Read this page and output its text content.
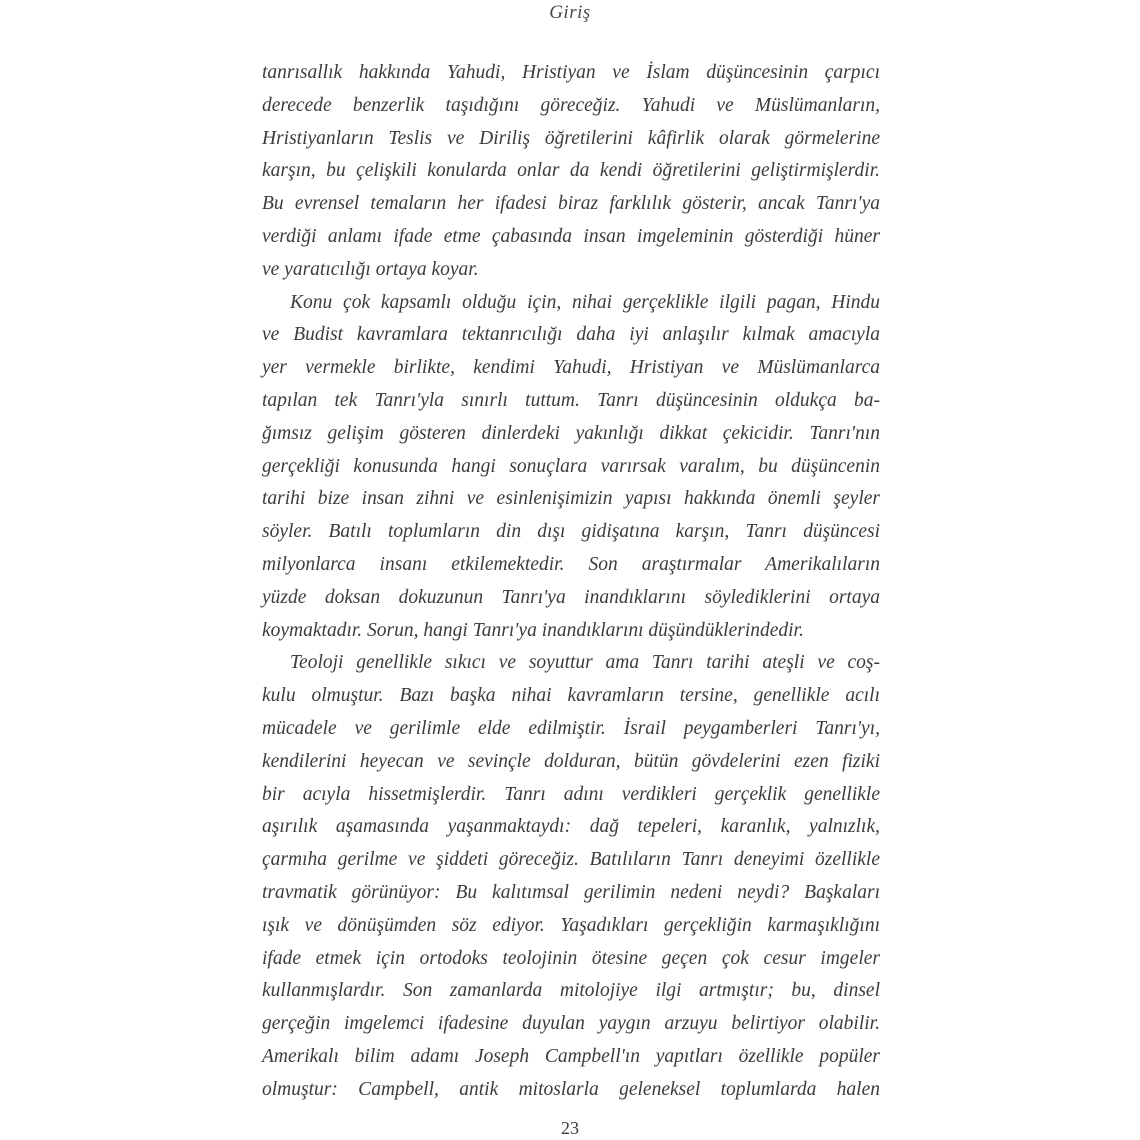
Giriş
tanrısallık hakkında Yahudi, Hristiyan ve İslam düşüncesinin çarpıcı
derecede benzerlik taşıdığını göreceğiz. Yahudi ve Müslümanların,
Hristiyanların Teslis ve Diriliş öğretilerini kâfirlik olarak görmelerine
karşın, bu çelişkili konularda onlar da kendi öğretilerini geliştirmişlerdir.
Bu evrensel temaların her ifadesi biraz farklılık gösterir, ancak Tanrı'ya
verdiği anlamı ifade etme çabasında insan imgeleminin gösterdiği hüner
ve yaratıcılığı ortaya koyar.
Konu çok kapsamlı olduğu için, nihai gerçeklikle ilgili pagan, Hindu
ve Budist kavramlara tektanrıcılığı daha iyi anlaşılır kılmak amacıyla
yer vermekle birlikte, kendimi Yahudi, Hristiyan ve Müslümanlarca
tapılan tek Tanrı'yla sınırlı tuttum. Tanrı düşüncesinin oldukça ba-
ğımsız gelişim gösteren dinlerdeki yakınlığı dikkat çekicidir. Tanrı'nın
gerçekliği konusunda hangi sonuçlara varırsak varalım, bu düşüncenin
tarihi bize insan zihni ve esinlenişimizin yapısı hakkında önemli şeyler
söyler. Batılı toplumların din dışı gidişatına karşın, Tanrı düşüncesi
milyonlarca insanı etkilemektedir. Son araştırmalar Amerikalıların
yüzde doksan dokuzunun Tanrı'ya inandıklarını söylediklerini ortaya
koymaktadır. Sorun, hangi Tanrı'ya inandıklarını düşündüklerindedir.
Teoloji genellikle sıkıcı ve soyuttur ama Tanrı tarihi ateşli ve coş-
kulu olmuştur. Bazı başka nihai kavramların tersine, genellikle acılı
mücadele ve gerilimle elde edilmiştir. İsrail peygamberleri Tanrı'yı,
kendilerini heyecan ve sevinçle dolduran, bütün gövdelerini ezen fiziki
bir acıyla hissetmişlerdir. Tanrı adını verdikleri gerçeklik genellikle
aşırılık aşamasında yaşanmaktaydı: dağ tepeleri, karanlık, yalnızlık,
çarmıha gerilme ve şiddeti göreceğiz. Batılıların Tanrı deneyimi özellikle
travmatik görünüyor: Bu kalıtımsal gerilimin nedeni neydi? Başkaları
ışık ve dönüşümden söz ediyor. Yaşadıkları gerçekliğin karmaşıklığını
ifade etmek için ortodoks teolojinin ötesine geçen çok cesur imgeler
kullanmışlardır. Son zamanlarda mitolojiye ilgi artmıştır; bu, dinsel
gerçeğin imgelemci ifadesine duyulan yaygın arzuyu belirtiyor olabilir.
Amerikalı bilim adamı Joseph Campbell'ın yapıtları özellikle popüler
olmuştur: Campbell, antik mitoslarla geleneksel toplumlarda halen
23
